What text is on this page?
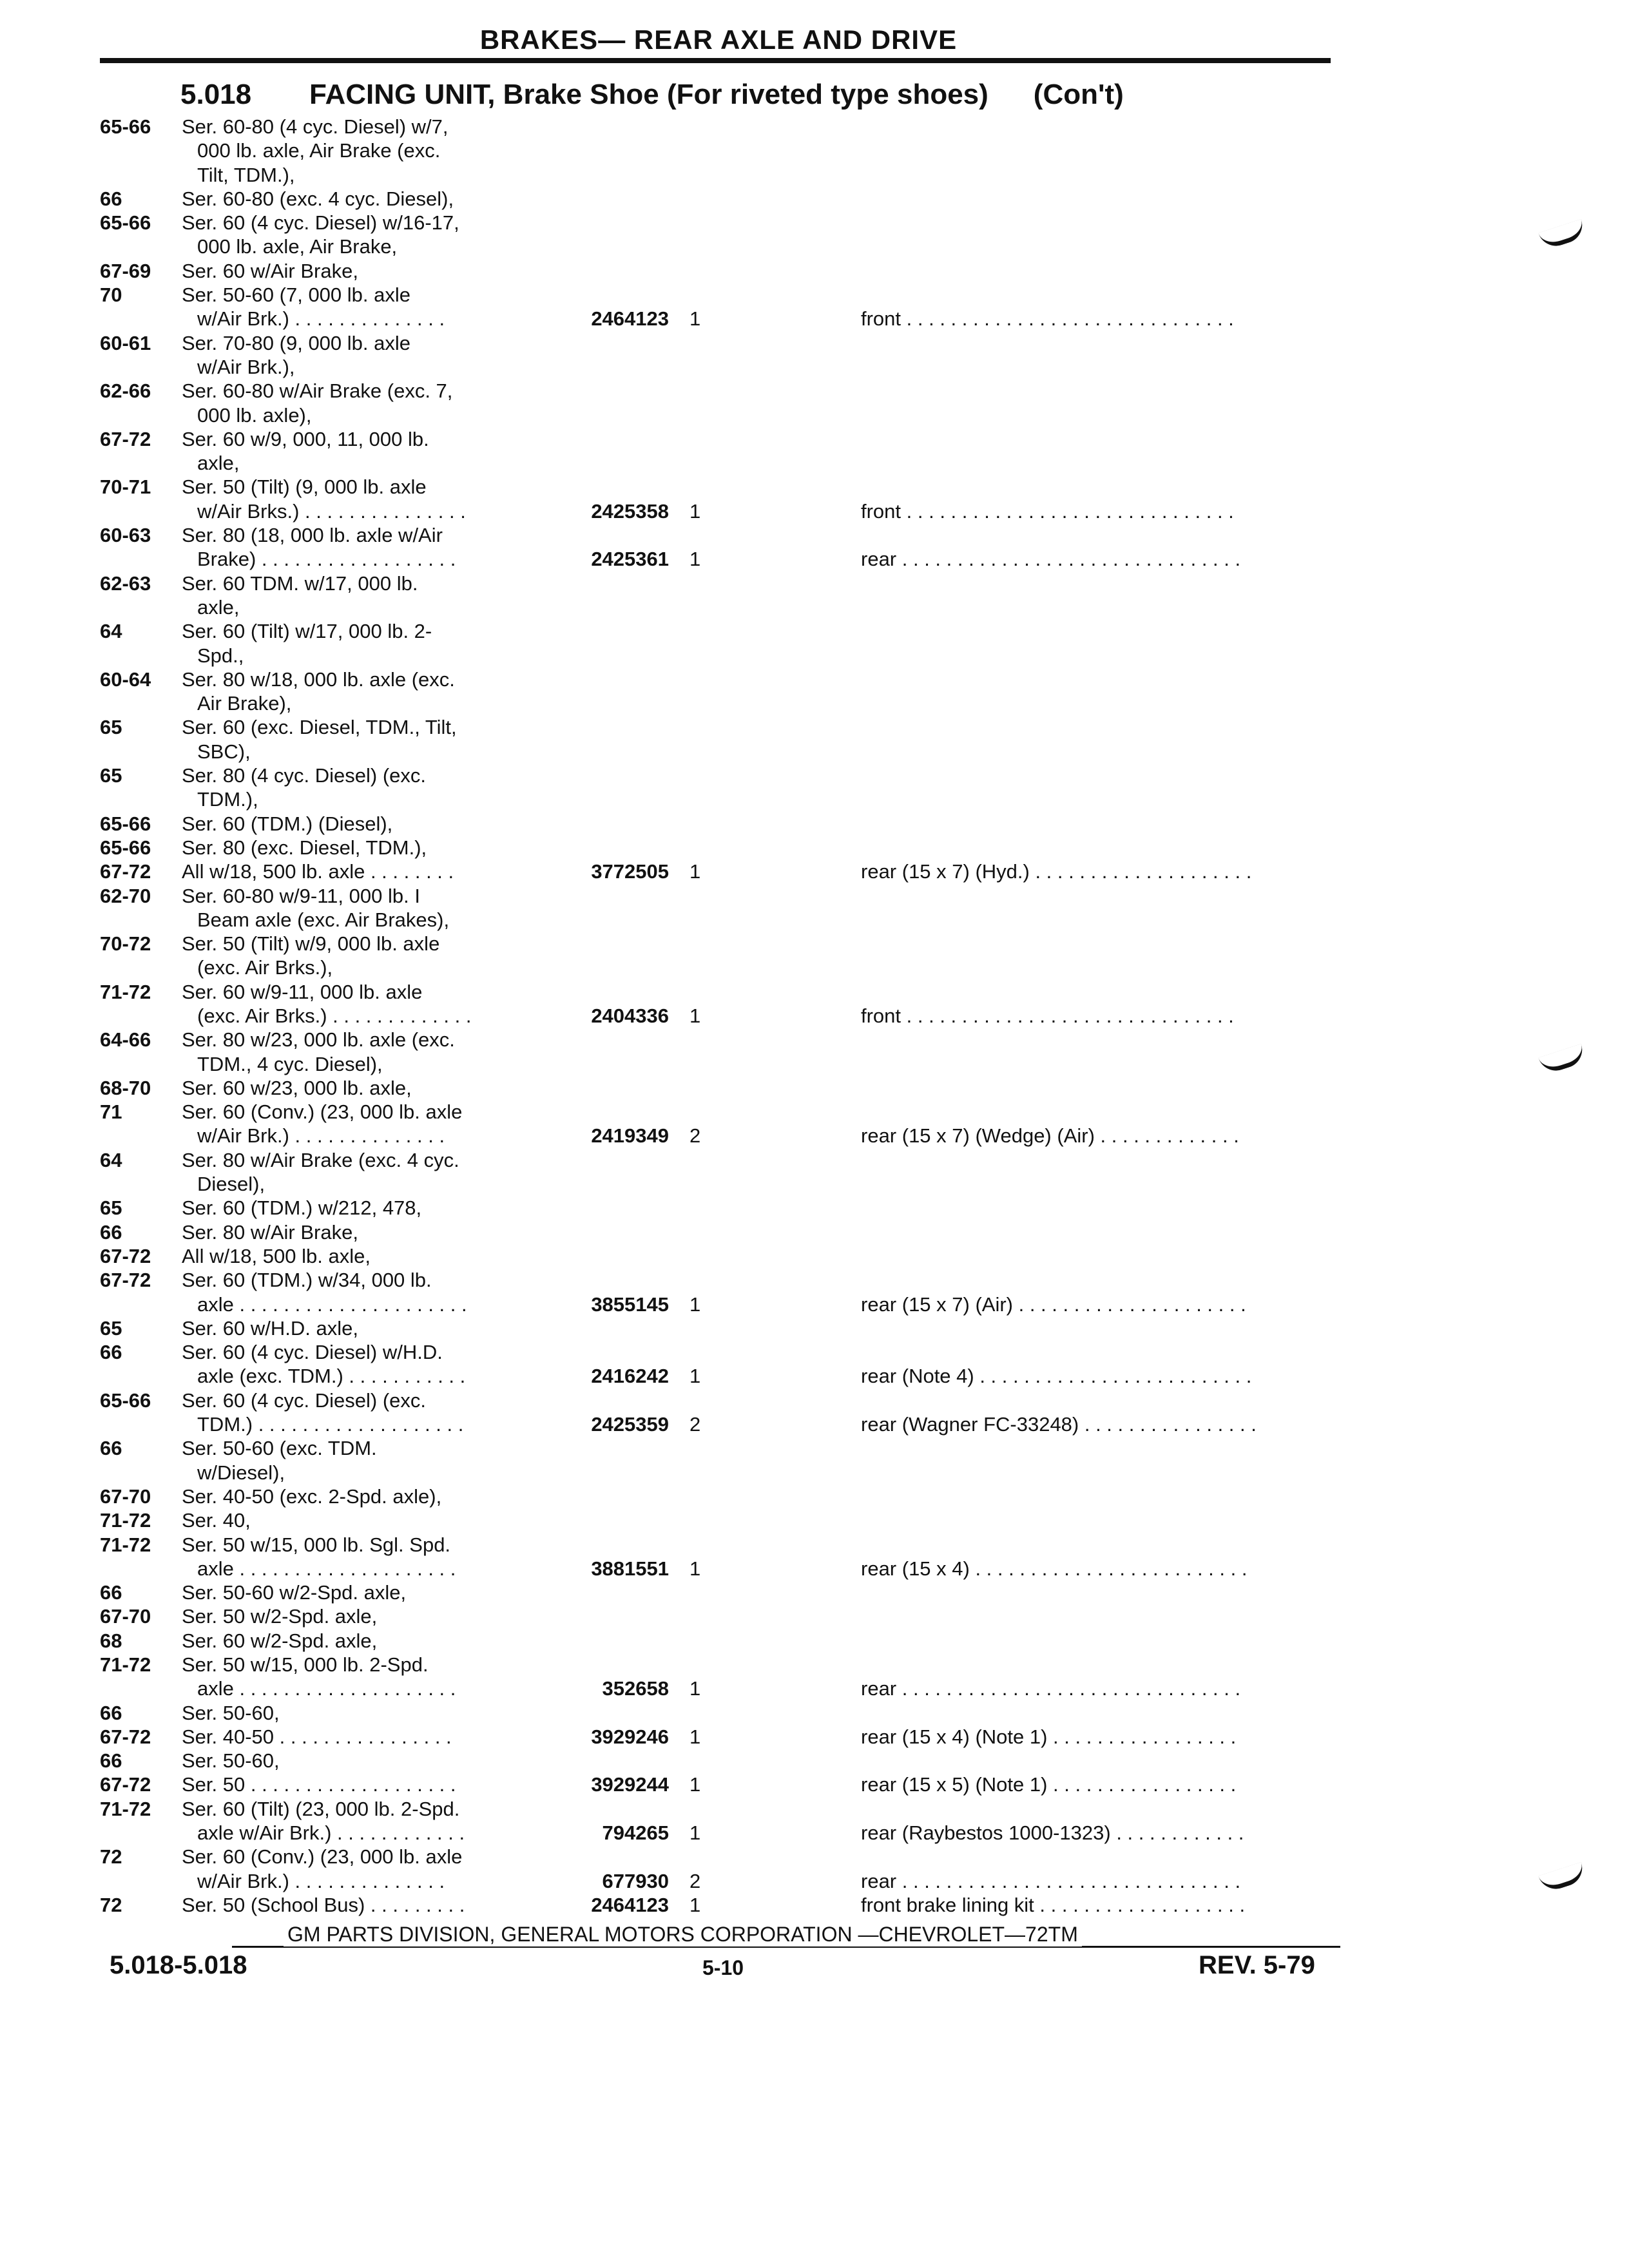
BRAKES— REAR AXLE AND DRIVE
5.018 FACING UNIT, Brake Shoe (For riveted type shoes) (Con't)
65-66 Ser. 60-80 (4 cyc. Diesel) w/7,
000 lb. axle, Air Brake (exc.
Tilt, TDM.),
66	Ser. 60-80 (exc. 4 cyc. Diesel),
65-66 Ser. 60 (4 cyc. Diesel) w/16-17,
000 lb. axle, Air Brake,
67-69 Ser. 60 w/Air Brake,
70	Ser. 50-60 (7, 000 lb. axle
w/Air Brk.) . . . . . . . . . . . . . .	2464123 1	front . . . . . . . . . . . . . . . . . . . . . . . . . . . . . .
60-61 Ser. 70-80 (9, 000 lb. axle
w/Air Brk.),
62-66 Ser. 60-80 w/Air Brake (exc. 7,
000 lb. axle),
67-72 Ser. 60 w/9, 000, 11, 000 lb.
axle,
70-71 Ser. 50 (Tilt) (9, 000 lb. axle
w/Air Brks.) . . . . . . . . . . . . . . .	2425358 1	front . . . . . . . . . . . . . . . . . . . . . . . . . . . . . .
60-63 Ser. 80 (18, 000 lb. axle w/Air
Brake) . . . . . . . . . . . . . . . . . .	2425361 1	rear . . . . . . . . . . . . . . . . . . . . . . . . . . . . . . .
62-63 Ser. 60 TDM. w/17, 000 lb.
axle,
64	Ser. 60 (Tilt) w/17, 000 lb. 2-
Spd.,
60-64 Ser. 80 w/18, 000 lb. axle (exc.
Air Brake),
65	Ser. 60 (exc. Diesel, TDM., Tilt,
SBC),
65	Ser. 80 (4 cyc. Diesel) (exc.
TDM.),
65-66 Ser. 60 (TDM.) (Diesel),
65-66 Ser. 80 (exc. Diesel, TDM.),
67-72 All w/18, 500 lb. axle . . . . . . . .	3772505 1	rear (15 x 7) (Hyd.) . . . . . . . . . . . . . . . . . . . .
62-70 Ser. 60-80 w/9-11, 000 lb. I
Beam axle (exc. Air Brakes),
70-72 Ser. 50 (Tilt) w/9, 000 lb. axle
(exc. Air Brks.),
71-72 Ser. 60 w/9-11, 000 lb. axle
(exc. Air Brks.) . . . . . . . . . . . . .	2404336 1	front . . . . . . . . . . . . . . . . . . . . . . . . . . . . . .
64-66 Ser. 80 w/23, 000 lb. axle (exc.
TDM., 4 cyc. Diesel),
68-70 Ser. 60 w/23, 000 lb. axle,
71	Ser. 60 (Conv.) (23, 000 lb. axle
w/Air Brk.) . . . . . . . . . . . . . .	2419349 2	rear (15 x 7) (Wedge) (Air) . . . . . . . . . . . . .
64	Ser. 80 w/Air Brake (exc. 4 cyc.
Diesel),
65	Ser. 60 (TDM.) w/212, 478,
66	Ser. 80 w/Air Brake,
67-72 All w/18, 500 lb. axle,
67-72 Ser. 60 (TDM.) w/34, 000 lb.
axle . . . . . . . . . . . . . . . . . . . . .	3855145 1	rear (15 x 7) (Air) . . . . . . . . . . . . . . . . . . . . .
65	Ser. 60 w/H.D. axle,
66	Ser. 60 (4 cyc. Diesel) w/H.D.
axle (exc. TDM.) . . . . . . . . . . .	2416242 1	rear (Note 4) . . . . . . . . . . . . . . . . . . . . . . . . .
65-66 Ser. 60 (4 cyc. Diesel) (exc.
TDM.) . . . . . . . . . . . . . . . . . . .	2425359 2	rear (Wagner FC-33248) . . . . . . . . . . . . . . . .
66	Ser. 50-60 (exc. TDM.
w/Diesel),
67-70 Ser. 40-50 (exc. 2-Spd. axle),
71-72 Ser. 40,
71-72 Ser. 50 w/15, 000 lb. Sgl. Spd.
axle . . . . . . . . . . . . . . . . . . . .	3881551 1	rear (15 x 4) . . . . . . . . . . . . . . . . . . . . . . . . .
66	Ser. 50-60 w/2-Spd. axle,
67-70 Ser. 50 w/2-Spd. axle,
68	Ser. 60 w/2-Spd. axle,
71-72 Ser. 50 w/15, 000 lb. 2-Spd.
axle . . . . . . . . . . . . . . . . . . . .	352658 1	rear . . . . . . . . . . . . . . . . . . . . . . . . . . . . . . .
66	Ser. 50-60,
67-72 Ser. 40-50 . . . . . . . . . . . . . . . .	3929246 1	rear (15 x 4) (Note 1) . . . . . . . . . . . . . . . . .
66	Ser. 50-60,
67-72 Ser. 50 . . . . . . . . . . . . . . . . . . .	3929244 1	rear (15 x 5) (Note 1) . . . . . . . . . . . . . . . . .
71-72 Ser. 60 (Tilt) (23, 000 lb. 2-Spd.
axle w/Air Brk.) . . . . . . . . . . . .	794265 1	rear (Raybestos 1000-1323) . . . . . . . . . . . .
72	Ser. 60 (Conv.) (23, 000 lb. axle
w/Air Brk.) . . . . . . . . . . . . . .	677930 2	rear . . . . . . . . . . . . . . . . . . . . . . . . . . . . . . .
72	Ser. 50 (School Bus) . . . . . . . . .	2464123 1	front brake lining kit . . . . . . . . . . . . . . . . . . .
GM PARTS DIVISION, GENERAL MOTORS CORPORATION —CHEVROLET—72TM
5.018-5.018	5-10	REV. 5-79
